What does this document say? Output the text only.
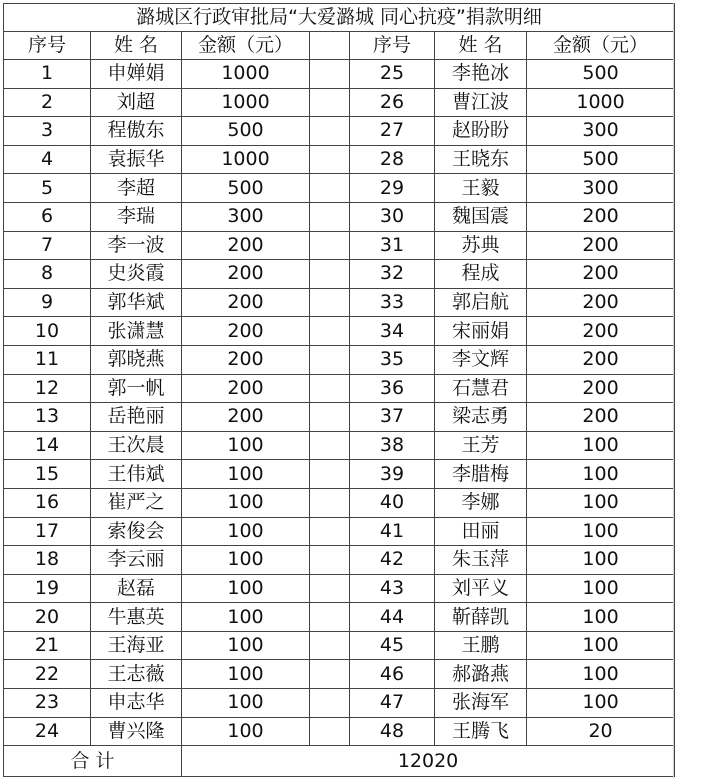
潞城区行政审批局“大爱潞城 同心抗疫”捐款明细						
序号	姓 名	金额（元）		序号	姓 名	金额（元）
1	申婵娟	1000		25	李艳冰	500
2	刘超	1000		26	曹江波	1000
3	程傲东	500		27	赵盼盼	300
4	袁振华	1000		28	王晓东	500
5	李超	500		29	王毅	300
6	李瑞	300		30	魏国震	200
7	李一波	200		31	苏典	200
8	史炎霞	200		32	程成	200
9	郭华斌	200		33	郭启航	200
10	张潇慧	200		34	宋丽娟	200
11	郭晓燕	200		35	李文辉	200
12	郭一帆	200		36	石慧君	200
13	岳艳丽	200		37	梁志勇	200
14	王次晨	100		38	王芳	100
15	王伟斌	100		39	李腊梅	100
16	崔严之	100		40	李娜	100
17	索俊会	100		41	田丽	100
18	李云丽	100		42	朱玉萍	100
19	赵磊	100		43	刘平义	100
20	牛惠英	100		44	靳薛凯	100
21	王海亚	100		45	王鹏	100
22	王志薇	100		46	郝潞燕	100
23	申志华	100		47	张海军	100
24	曹兴隆	100		48	王腾飞	20
合 计		12020				
